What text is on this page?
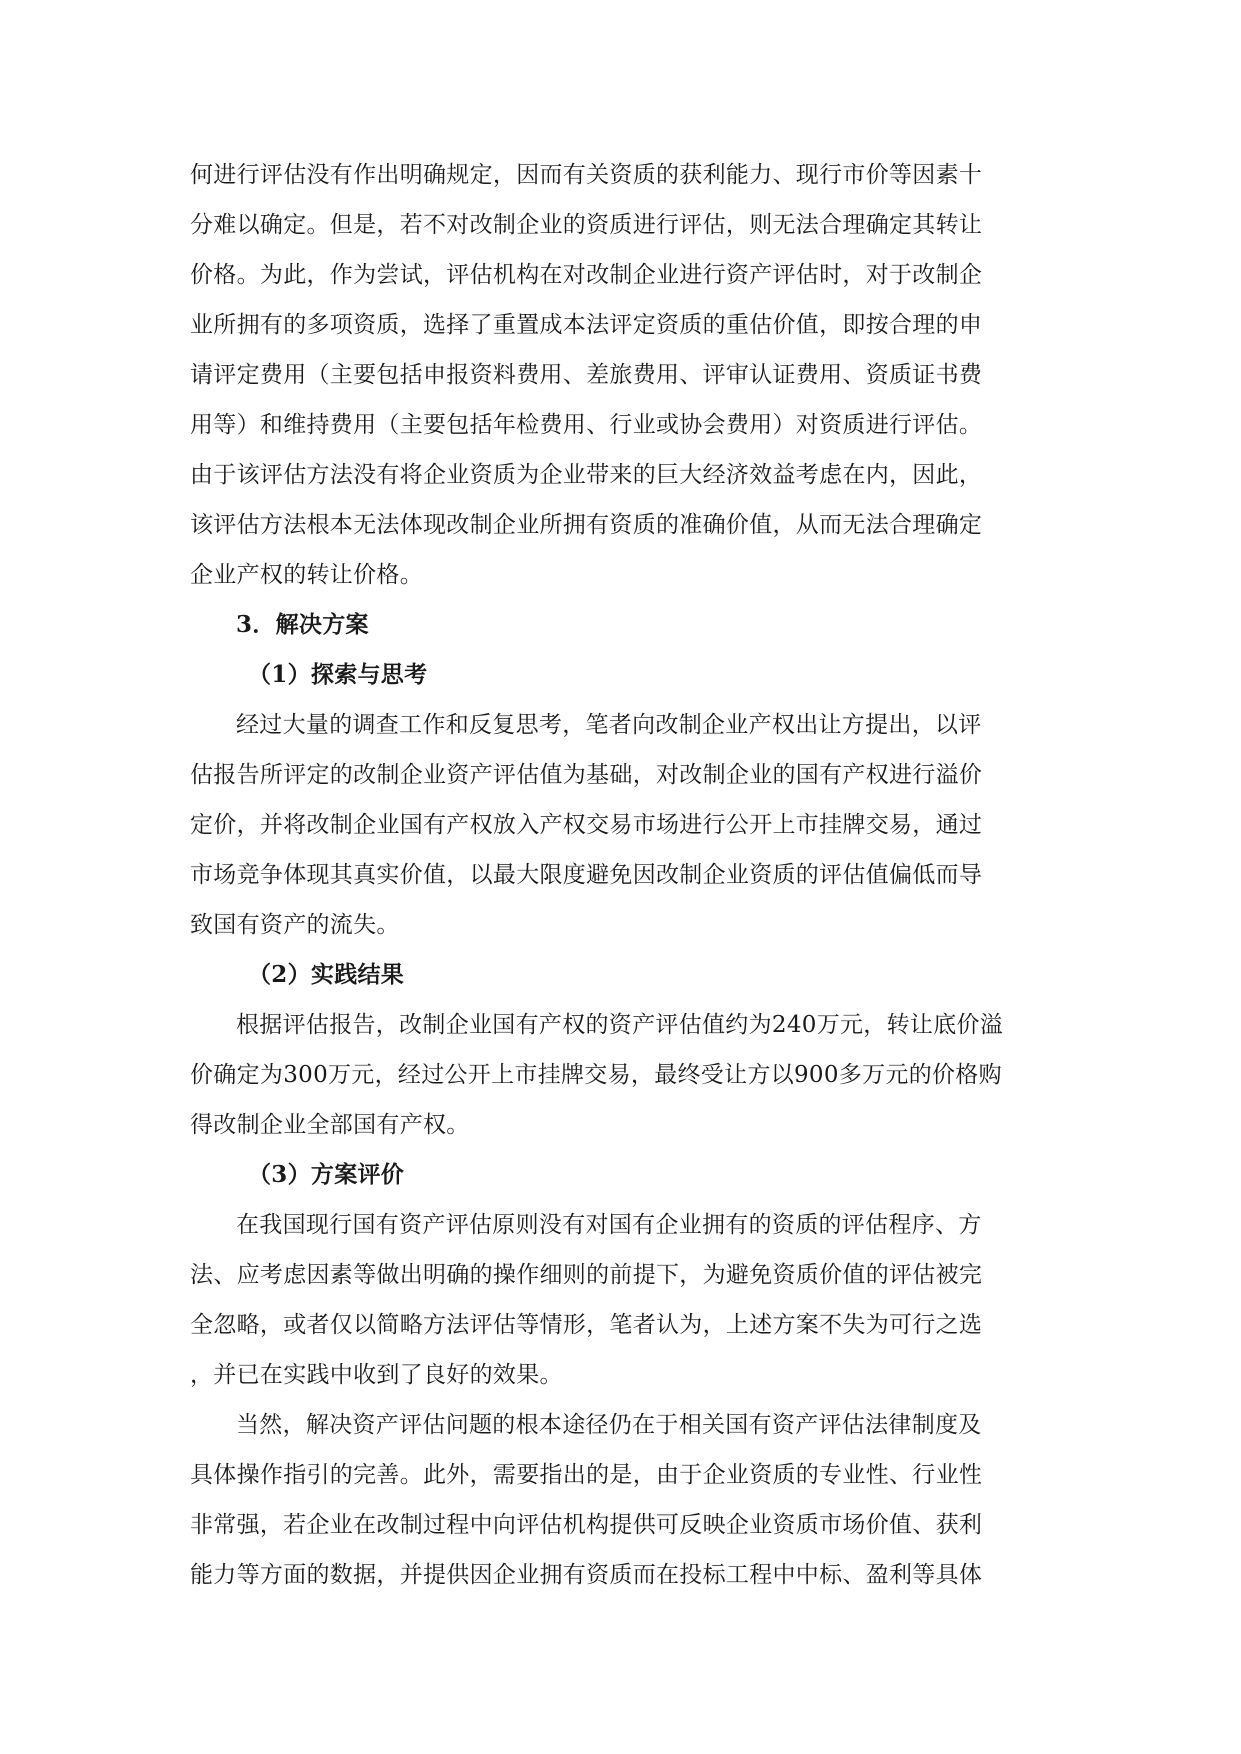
何进行评估没有作出明确规定，因而有关资质的获利能力、现行市价等因素十
分难以确定。但是，若不对改制企业的资质进行评估，则无法合理确定其转让
价格。为此，作为尝试，评估机构在对改制企业进行资产评估时，对于改制企
业所拥有的多项资质，选择了重置成本法评定资质的重估价值，即按合理的申
请评定费用（主要包括申报资料费用、差旅费用、评审认证费用、资质证书费
用等）和维持费用（主要包括年检费用、行业或协会费用）对资质进行评估。
由于该评估方法没有将企业资质为企业带来的巨大经济效益考虑在内，因此，
该评估方法根本无法体现改制企业所拥有资质的准确价值，从而无法合理确定
企业产权的转让价格。
3．解决方案
（1）探索与思考
经过大量的调查工作和反复思考，笔者向改制企业产权出让方提出，以评
估报告所评定的改制企业资产评估值为基础，对改制企业的国有产权进行溢价
定价，并将改制企业国有产权放入产权交易市场进行公开上市挂牌交易，通过
市场竞争体现其真实价值，以最大限度避免因改制企业资质的评估值偏低而导
致国有资产的流失。
（2）实践结果
根据评估报告，改制企业国有产权的资产评估值约为240万元，转让底价溢
价确定为300万元，经过公开上市挂牌交易，最终受让方以900多万元的价格购
得改制企业全部国有产权。
（3）方案评价
在我国现行国有资产评估原则没有对国有企业拥有的资质的评估程序、方
法、应考虑因素等做出明确的操作细则的前提下，为避免资质价值的评估被完
全忽略，或者仅以简略方法评估等情形，笔者认为，上述方案不失为可行之选
，并已在实践中收到了良好的效果。
当然，解决资产评估问题的根本途径仍在于相关国有资产评估法律制度及
具体操作指引的完善。此外，需要指出的是，由于企业资质的专业性、行业性
非常强，若企业在改制过程中向评估机构提供可反映企业资质市场价值、获利
能力等方面的数据，并提供因企业拥有资质而在投标工程中中标、盈利等具体
